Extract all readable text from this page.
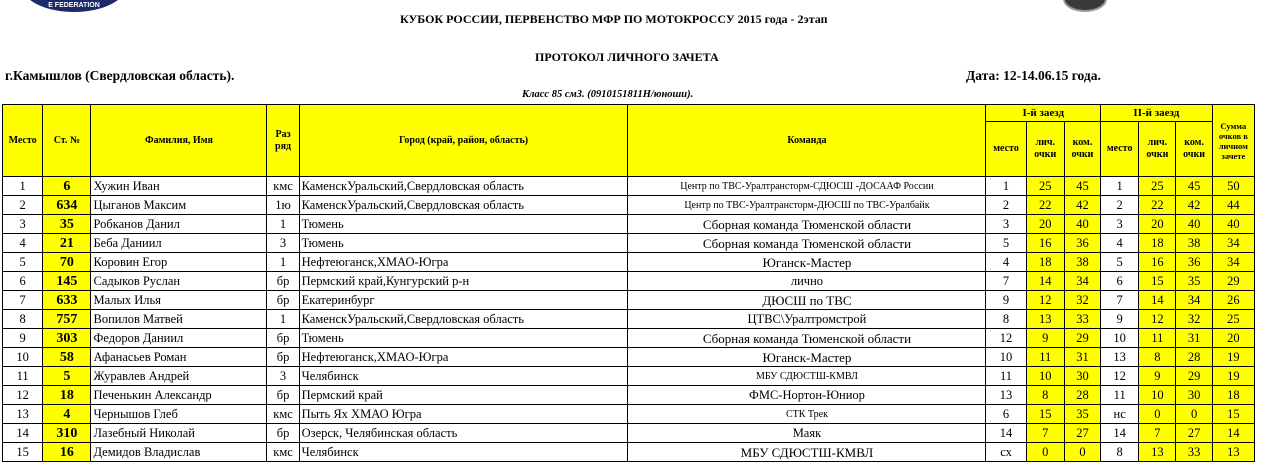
E FEDERATION
КУБОК РОССИИ, ПЕРВЕНСТВО МФР ПО МОТОКРОССУ 2015 года - 2этап
ПРОТОКОЛ ЛИЧНОГО ЗАЧЕТА
г.Камышлов (Свердловская область).	Дата: 12-14.06.15 года.
Класс 85 смЗ. (0910151811Н/юноши).
Место	Ст. №	Фамилия, Имя	Раз ряд	Город (край, район, область)	Команда	I-й заезд			II-й заезд			Сумма очков в личном зачете
						место	лич. очки	ком. очки	место	лич. очки	ком. очки	
1	6	Хужин Иван	кмс	КаменскУральский,Свердловская область	Центр по ТВС-Уралтрансторм-СДЮСШ -ДОСААФ России	1	25	45	1	25	45	50
2	634	Цыганов Максим	1ю	КаменскУральский,Свердловская область	Центр по ТВС-Уралтрансторм-ДЮСШ по ТВС-Уралбайк	2	22	42	2	22	42	44
3	35	Робканов Данил	1	Тюмень	Сборная команда Тюменской области	3	20	40	3	20	40	40
4	21	Беба Даниил	3	Тюмень	Сборная команда Тюменской области	5	16	36	4	18	38	34
5	70	Коровин Егор	1	Нефтеюганск,ХМАО-Югра	Юганск-Мастер	4	18	38	5	16	36	34
6	145	Садыков Руслан	бр	Пермский край,Кунгурский р-н	лично	7	14	34	6	15	35	29
7	633	Малых Илья	бр	Екатеринбург	ДЮСШ по ТВС	9	12	32	7	14	34	26
8	757	Вопилов Матвей	1	КаменскУральский,Свердловская область	ЦТВС\Уралтромстрой	8	13	33	9	12	32	25
9	303	Федоров Даниил	бр	Тюмень	Сборная команда Тюменской области	12	9	29	10	11	31	20
10	58	Афанасьев Роман	бр	Нефтеюганск,ХМАО-Югра	Юганск-Мастер	10	11	31	13	8	28	19
11	5	Журавлев Андрей	3	Челябинск	МБУ СДЮСТШ-КМВЛ	11	10	30	12	9	29	19
12	18	Печенькин Александр	бр	Пермский край	ФМС-Нортон-Юниор	13	8	28	11	10	30	18
13	4	Чернышов Глеб	кмс	Пыть Ях ХМАО Югра	СТК Трек	6	15	35	нс	0	0	15
14	310	Лазебный Николай	бр	Озерск, Челябинская область	Маяк	14	7	27	14	7	27	14
15	16	Демидов Владислав	кмс	Челябинск	МБУ СДЮСТШ-КМВЛ	сх	0	0	8	13	33	13
